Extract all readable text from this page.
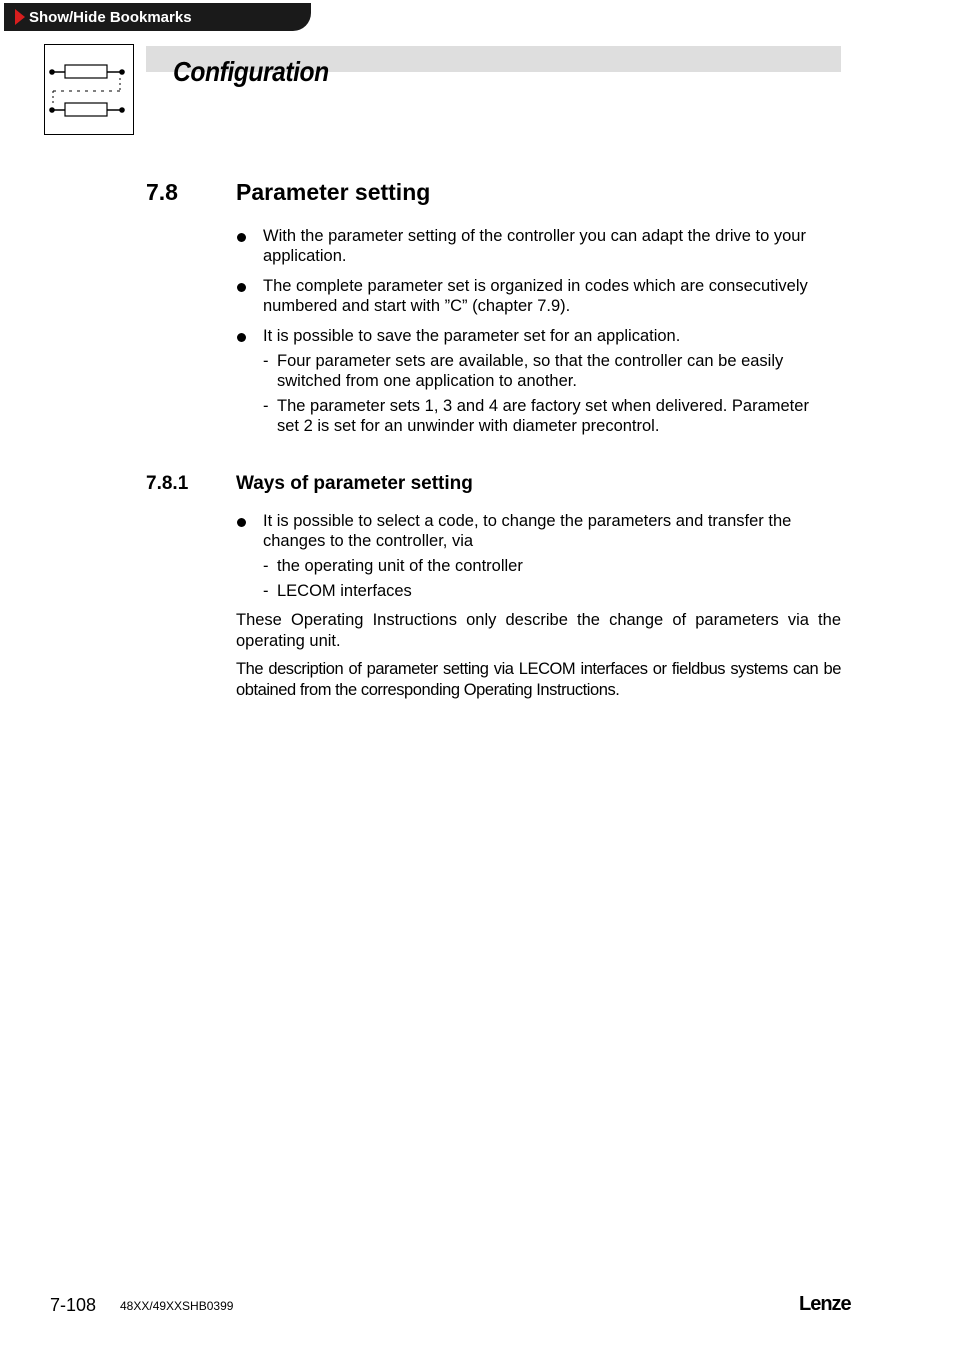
Show/Hide Bookmarks
Configuration
7.8	Parameter setting
With the parameter setting of the controller you can adapt the drive to your
application.
The complete parameter set is organized in codes which are consecutively
numbered and start with ”C” (chapter 7.9).
It is possible to save the parameter set for an application.
- Four parameter sets are available, so that the controller can be easily
switched from one application to another.
- The parameter sets 1, 3 and 4 are factory set when delivered. Parameter
set 2 is set for an unwinder with diameter precontrol.
7.8.1	Ways of parameter setting
It is possible to select a code, to change the parameters and transfer the
changes to the controller, via
- the operating unit of the controller
- LECOM interfaces
These Operating Instructions only describe the change of parameters via the operating unit.
The description of parameter setting via LECOM interfaces or fieldbus systems can be obtained from the corresponding Operating Instructions.
7-108 48XX/49XXSHB0399	Lenze
